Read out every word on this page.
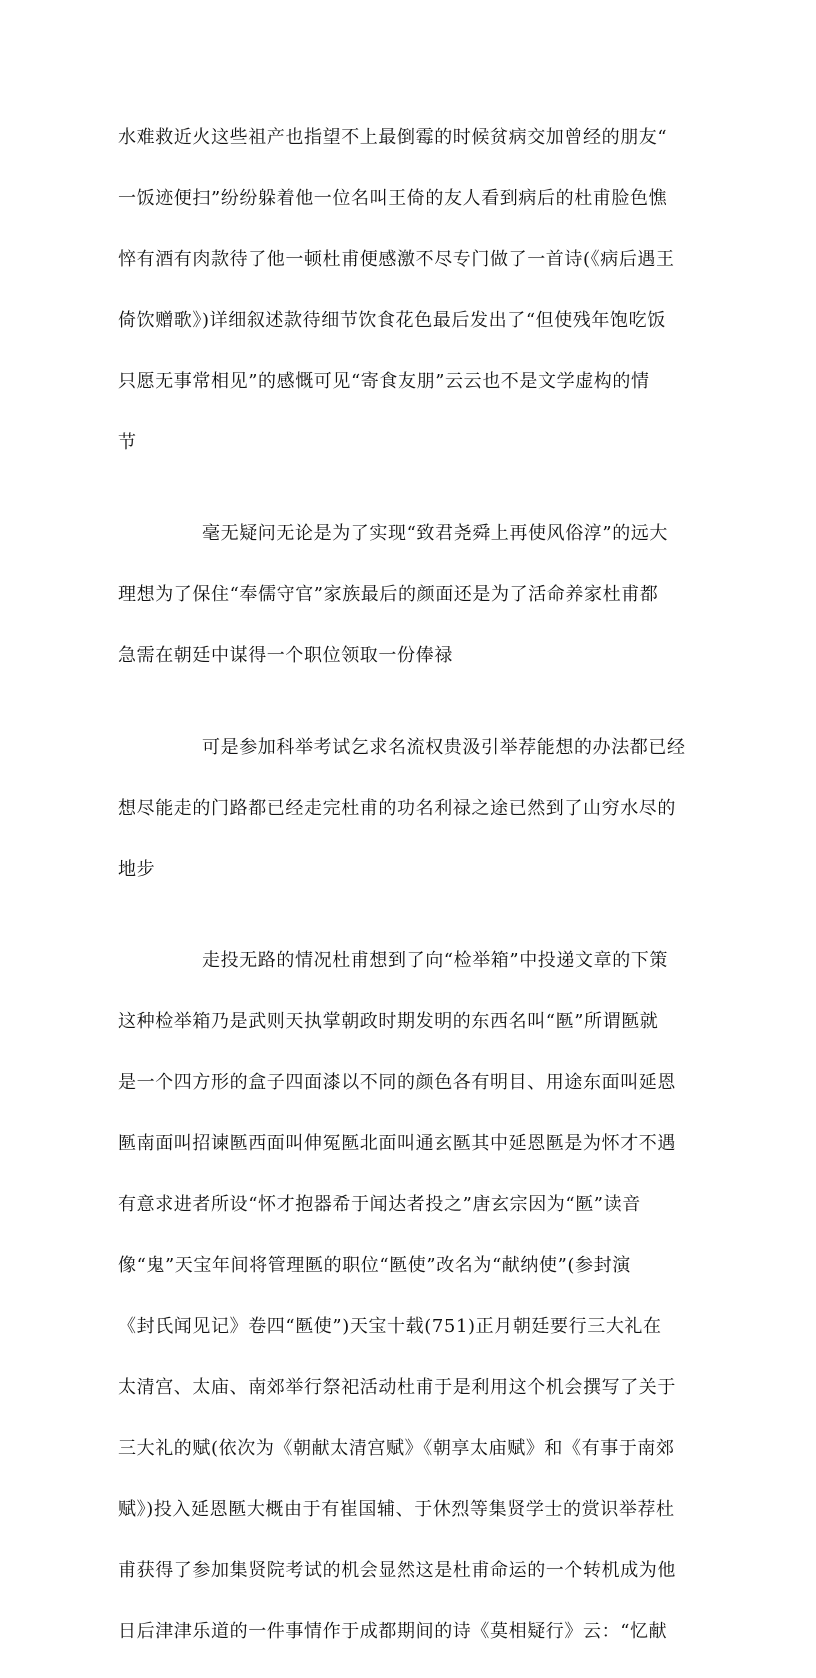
水难救近火这些祖产也指望不上最倒霉的时候贫病交加曾经的朋友“

一饭迹便扫”纷纷躲着他一位名叫王倚的友人看到病后的杜甫脸色憔

悴有酒有肉款待了他一顿杜甫便感激不尽专门做了一首诗(《病后遇王

倚饮赠歌》)详细叙述款待细节饮食花色最后发出了“但使残年饱吃饭

只愿无事常相见”的感慨可见“寄食友朋”云云也不是文学虚构的情

节

毫无疑问无论是为了实现“致君尧舜上再使风俗淳”的远大

理想为了保住“奉儒守官”家族最后的颜面还是为了活命养家杜甫都

急需在朝廷中谋得一个职位领取一份俸禄

可是参加科举考试乞求名流权贵汲引举荐能想的办法都已经

想尽能走的门路都已经走完杜甫的功名利禄之途已然到了山穷水尽的

地步

走投无路的情况杜甫想到了向“检举箱”中投递文章的下策

这种检举箱乃是武则天执掌朝政时期发明的东西名叫“匦”所谓匦就

是一个四方形的盒子四面漆以不同的颜色各有明目、用途东面叫延恩

匦南面叫招谏匦西面叫伸冤匦北面叫通玄匦其中延恩匦是为怀才不遇

有意求进者所设“怀才抱器希于闻达者投之”唐玄宗因为“匦”读音

像“鬼”天宝年间将管理匦的职位“匦使”改名为“献纳使”(参封演

《封氏闻见记》卷四“匦使”)天宝十载(751)正月朝廷要行三大礼在

太清宫、太庙、南郊举行祭祀活动杜甫于是利用这个机会撰写了关于

三大礼的赋(依次为《朝献太清宫赋》《朝享太庙赋》和《有事于南郊

赋》)投入延恩匦大概由于有崔国辅、于休烈等集贤学士的赏识举荐杜

甫获得了参加集贤院考试的机会显然这是杜甫命运的一个转机成为他

日后津津乐道的一件事情作于成都期间的诗《莫相疑行》云：“忆献
